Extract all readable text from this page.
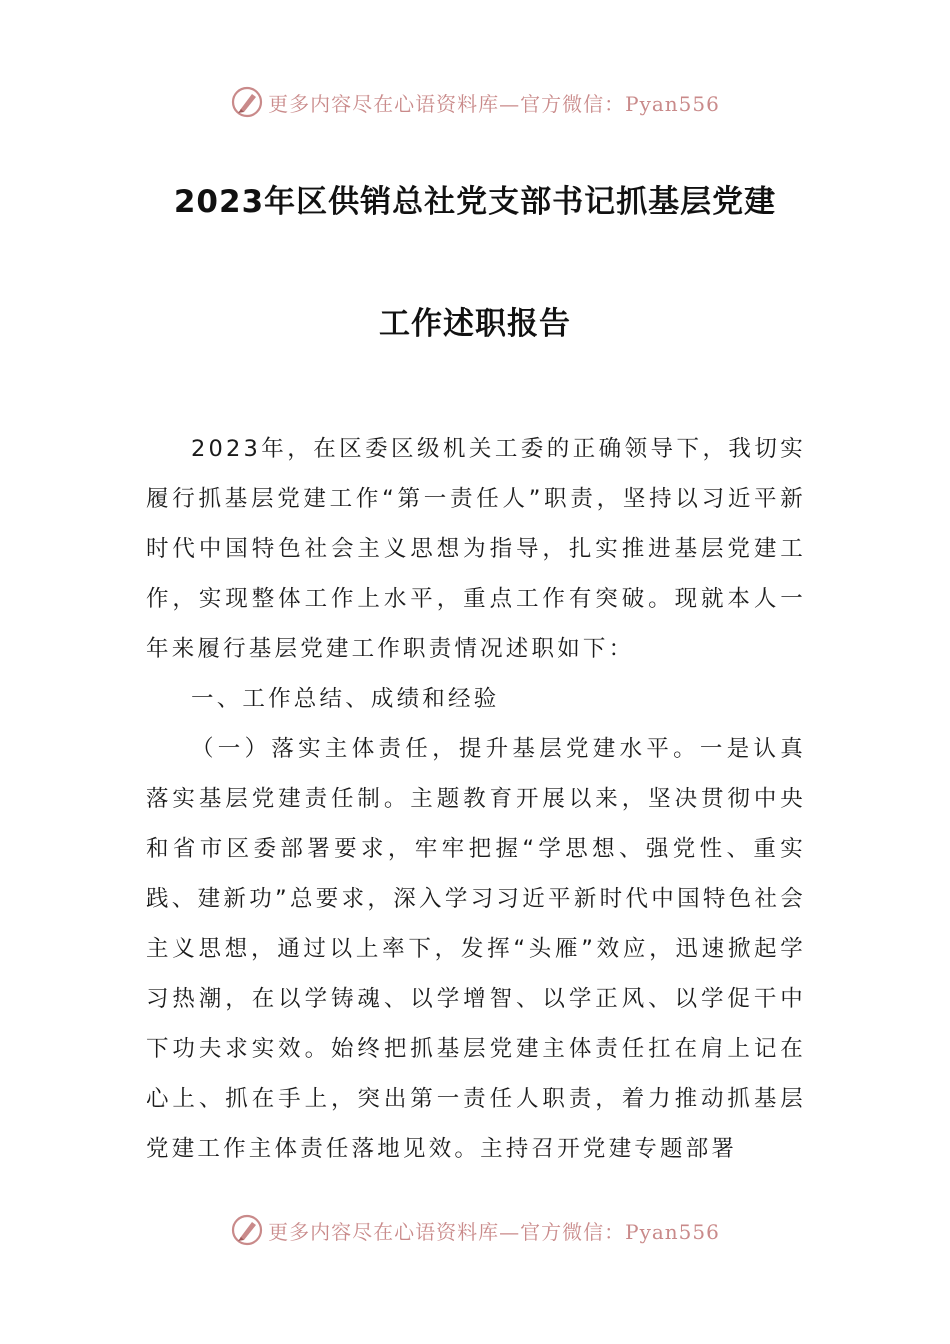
更多内容尽在心语资料库—官方微信：Pyan556
2023年区供销总社党支部书记抓基层党建
工作述职报告

2023年，在区委区级机关工委的正确领导下，我切实履行抓基层党建工作“第一责任人”职责，坚持以习近平新时代中国特色社会主义思想为指导，扎实推进基层党建工作，实现整体工作上水平，重点工作有突破。现就本人一年来履行基层党建工作职责情况述职如下：

一、工作总结、成绩和经验

（一）落实主体责任，提升基层党建水平。一是认真落实基层党建责任制。主题教育开展以来，坚决贯彻中央和省市区委部署要求，牢牢把握“学思想、强党性、重实践、建新功”总要求，深入学习习近平新时代中国特色社会主义思想，通过以上率下，发挥“头雁”效应，迅速掀起学习热潮，在以学铸魂、以学增智、以学正风、以学促干中下功夫求实效。始终把抓基层党建主体责任扛在肩上记在心上、抓在手上，突出第一责任人职责，着力推动抓基层党建工作主体责任落地见效。主持召开党建专题部署

更多内容尽在心语资料库—官方微信：Pyan556
